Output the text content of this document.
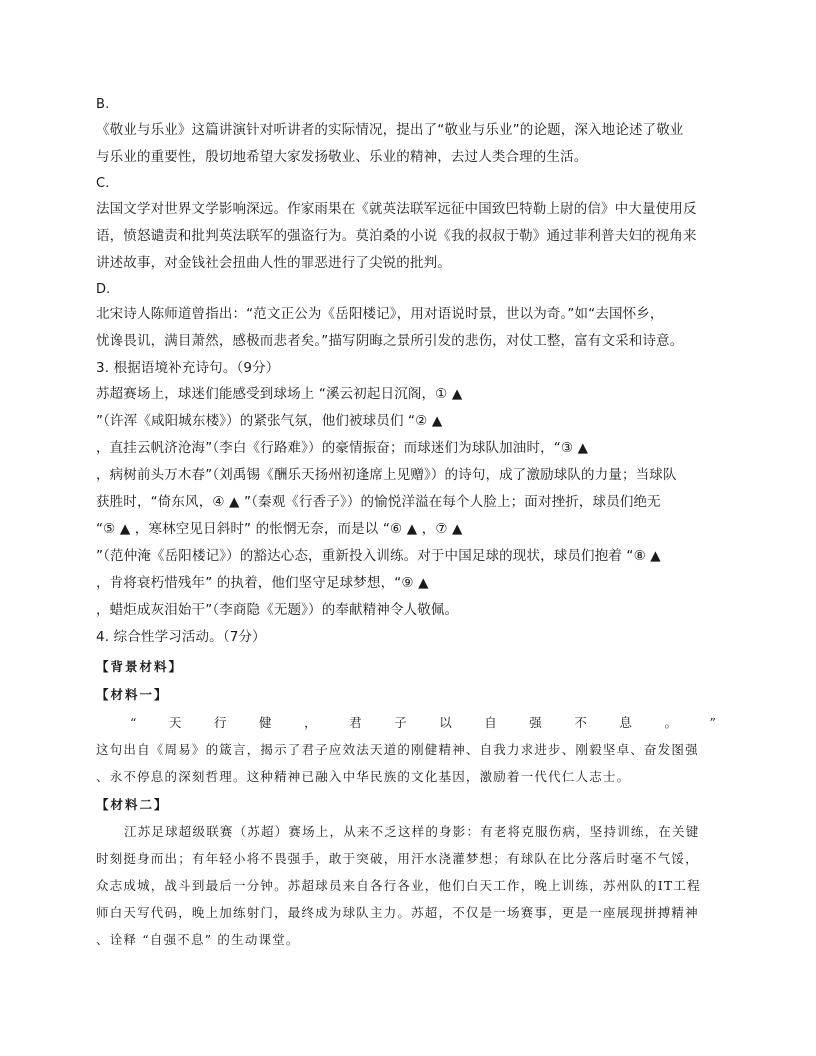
B.
《敬业与乐业》这篇讲演针对听讲者的实际情况，提出了“敬业与乐业”的论题，深入地论述了敬业
与乐业的重要性，殷切地希望大家发扬敬业、乐业的精神，去过人类合理的生活。
C.
法国文学对世界文学影响深远。作家雨果在《就英法联军远征中国致巴特勒上尉的信》中大量使用反
语，愤怒谴责和批判英法联军的强盗行为。莫泊桑的小说《我的叔叔于勒》通过菲利普夫妇的视角来
讲述故事，对金钱社会扭曲人性的罪恶进行了尖锐的批判。
D.
北宋诗人陈师道曾指出：“范文正公为《岳阳楼记》，用对语说时景，世以为奇。”如“去国怀乡，
忧谗畏讥，满目萧然，感极而悲者矣。”描写阴晦之景所引发的悲伤，对仗工整，富有文采和诗意。
3. 根据语境补充诗句。（9分）
苏超赛场上，球迷们能感受到球场上 “溪云初起日沉阁，① ▲
”（许浑《咸阳城东楼》）的紧张气氛，他们被球员们 “② ▲
，直挂云帆济沧海”（李白《行路难》）的豪情振奋；而球迷们为球队加油时，“③ ▲
，病树前头万木春”（刘禹锡《酬乐天扬州初逢席上见赠》）的诗句，成了激励球队的力量；当球队
获胜时，“倚东风，④ ▲ ”（秦观《行香子》）的愉悦洋溢在每个人脸上；面对挫折，球员们绝无
“⑤ ▲ ，寒林空见日斜时” 的怅惘无奈，而是以 “⑥ ▲ ，⑦ ▲
”（范仲淹《岳阳楼记》）的豁达心态，重新投入训练。对于中国足球的现状，球员们抱着 “⑧ ▲
，肯将衰朽惜残年” 的执着，他们坚守足球梦想，“⑨ ▲
，蜡炬成灰泪始干”（李商隐《无题》）的奉献精神令人敬佩。
4. 综合性学习活动。（7分）
【背景材料】
【材料一】
“	天	行	健	，	君	子	以	自	强	不	息	。	”
这句出自《周易》的箴言，揭示了君子应效法天道的刚健精神、自我力求进步、刚毅坚卓、奋发图强
、永不停息的深刻哲理。这种精神已融入中华民族的文化基因，激励着一代代仁人志士。
【材料二】
江苏足球超级联赛（苏超）赛场上，从来不乏这样的身影：有老将克服伤病，坚持训练，在关键
时刻挺身而出；有年轻小将不畏强手，敢于突破，用汗水浇灌梦想；有球队在比分落后时毫不气馁，
众志成城，战斗到最后一分钟。苏超球员来自各行各业，他们白天工作，晚上训练，苏州队的IT工程
师白天写代码，晚上加练射门，最终成为球队主力。苏超，不仅是一场赛事，更是一座展现拼搏精神
、诠释 “自强不息” 的生动课堂。
